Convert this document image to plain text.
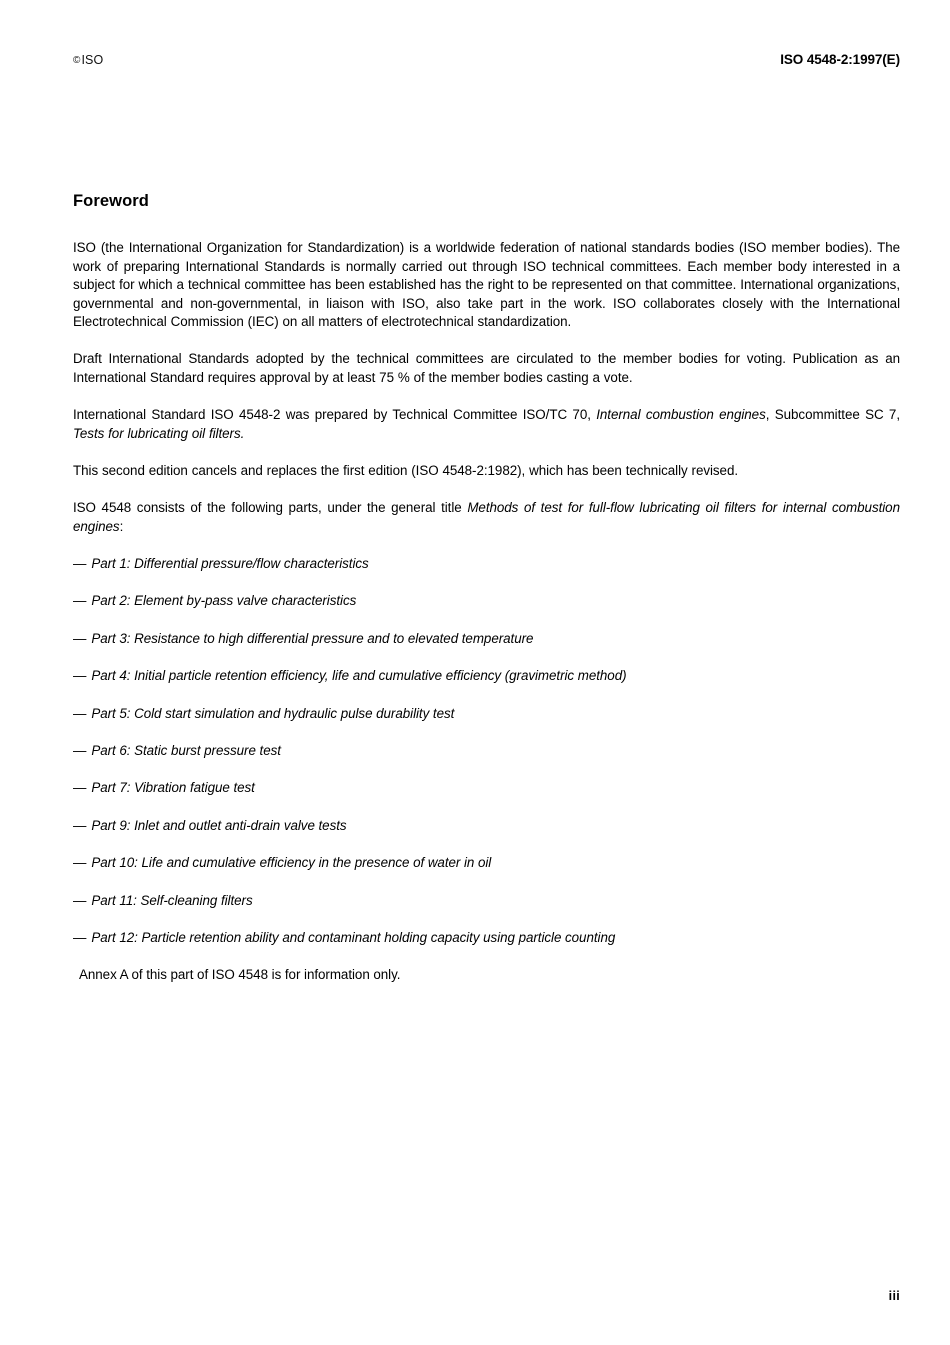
©ISO	ISO 4548-2:1997(E)
Foreword

ISO (the International Organization for Standardization) is a worldwide federation of national standards bodies (ISO member bodies). The work of preparing International Standards is normally carried out through ISO technical committees. Each member body interested in a subject for which a technical committee has been established has the right to be represented on that committee. International organizations, governmental and non-governmental, in liaison with ISO, also take part in the work. ISO collaborates closely with the International Electrotechnical Commission (IEC) on all matters of electrotechnical standardization.

Draft International Standards adopted by the technical committees are circulated to the member bodies for voting. Publication as an International Standard requires approval by at least 75 % of the member bodies casting a vote.

International Standard ISO 4548-2 was prepared by Technical Committee ISO/TC 70, Internal combustion engines, Subcommittee SC 7, Tests for lubricating oil filters.

This second edition cancels and replaces the first edition (ISO 4548-2:1982), which has been technically revised.

ISO 4548 consists of the following parts, under the general title Methods of test for full-flow lubricating oil filters for internal combustion engines:

— Part 1: Differential pressure/flow characteristics
— Part 2: Element by-pass valve characteristics
— Part 3: Resistance to high differential pressure and to elevated temperature
— Part 4: Initial particle retention efficiency, life and cumulative efficiency (gravimetric method)
— Part 5: Cold start simulation and hydraulic pulse durability test
— Part 6: Static burst pressure test
— Part 7: Vibration fatigue test
— Part 9: Inlet and outlet anti-drain valve tests
— Part 10: Life and cumulative efficiency in the presence of water in oil
— Part 11: Self-cleaning filters
— Part 12: Particle retention ability and contaminant holding capacity using particle counting

Annex A of this part of ISO 4548 is for information only.

iii
